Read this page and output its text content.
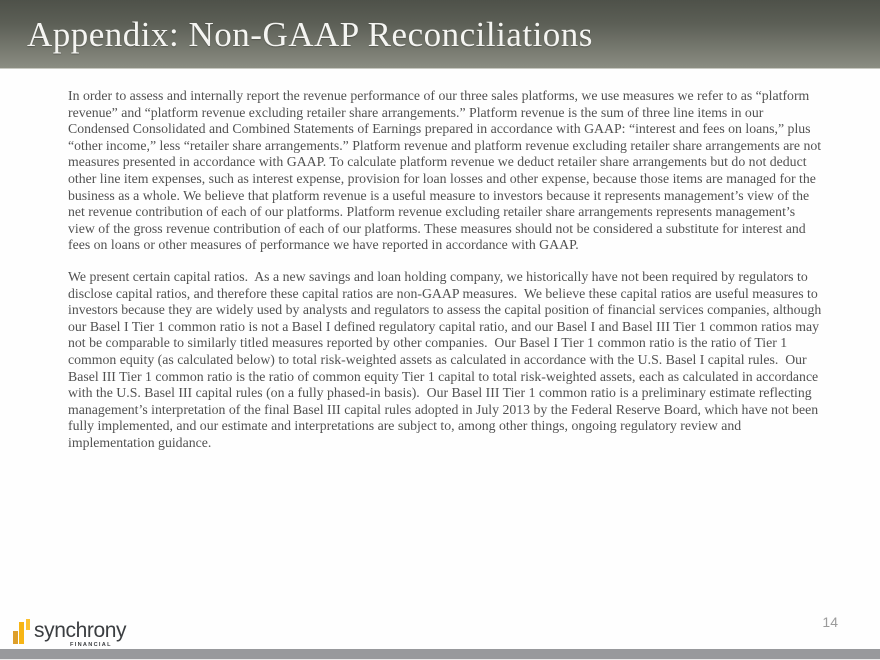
Appendix: Non-GAAP Reconciliations

In order to assess and internally report the revenue performance of our three sales platforms, we use measures we refer to as “platform revenue” and “platform revenue excluding retailer share arrangements.” Platform revenue is the sum of three line items in our Condensed Consolidated and Combined Statements of Earnings prepared in accordance with GAAP: “interest and fees on loans,” plus “other income,” less “retailer share arrangements.” Platform revenue and platform revenue excluding retailer share arrangements are not measures presented in accordance with GAAP. To calculate platform revenue we deduct retailer share arrangements but do not deduct other line item expenses, such as interest expense, provision for loan losses and other expense, because those items are managed for the business as a whole. We believe that platform revenue is a useful measure to investors because it represents management’s view of the net revenue contribution of each of our platforms. Platform revenue excluding retailer share arrangements represents management’s view of the gross revenue contribution of each of our platforms. These measures should not be considered a substitute for interest and fees on loans or other measures of performance we have reported in accordance with GAAP.

We present certain capital ratios.  As a new savings and loan holding company, we historically have not been required by regulators to disclose capital ratios, and therefore these capital ratios are non-GAAP measures.  We believe these capital ratios are useful measures to investors because they are widely used by analysts and regulators to assess the capital position of financial services companies, although our Basel I Tier 1 common ratio is not a Basel I defined regulatory capital ratio, and our Basel I and Basel III Tier 1 common ratios may not be comparable to similarly titled measures reported by other companies.  Our Basel I Tier 1 common ratio is the ratio of Tier 1 common equity (as calculated below) to total risk-weighted assets as calculated in accordance with the U.S. Basel I capital rules.  Our Basel III Tier 1 common ratio is the ratio of common equity Tier 1 capital to total risk-weighted assets, each as calculated in accordance with the U.S. Basel III capital rules (on a fully phased-in basis).  Our Basel III Tier 1 common ratio is a preliminary estimate reflecting management’s interpretation of the final Basel III capital rules adopted in July 2013 by the Federal Reserve Board, which have not been fully implemented, and our estimate and interpretations are subject to, among other things, ongoing regulatory review and implementation guidance.

synchrony
FINANCIAL
14
